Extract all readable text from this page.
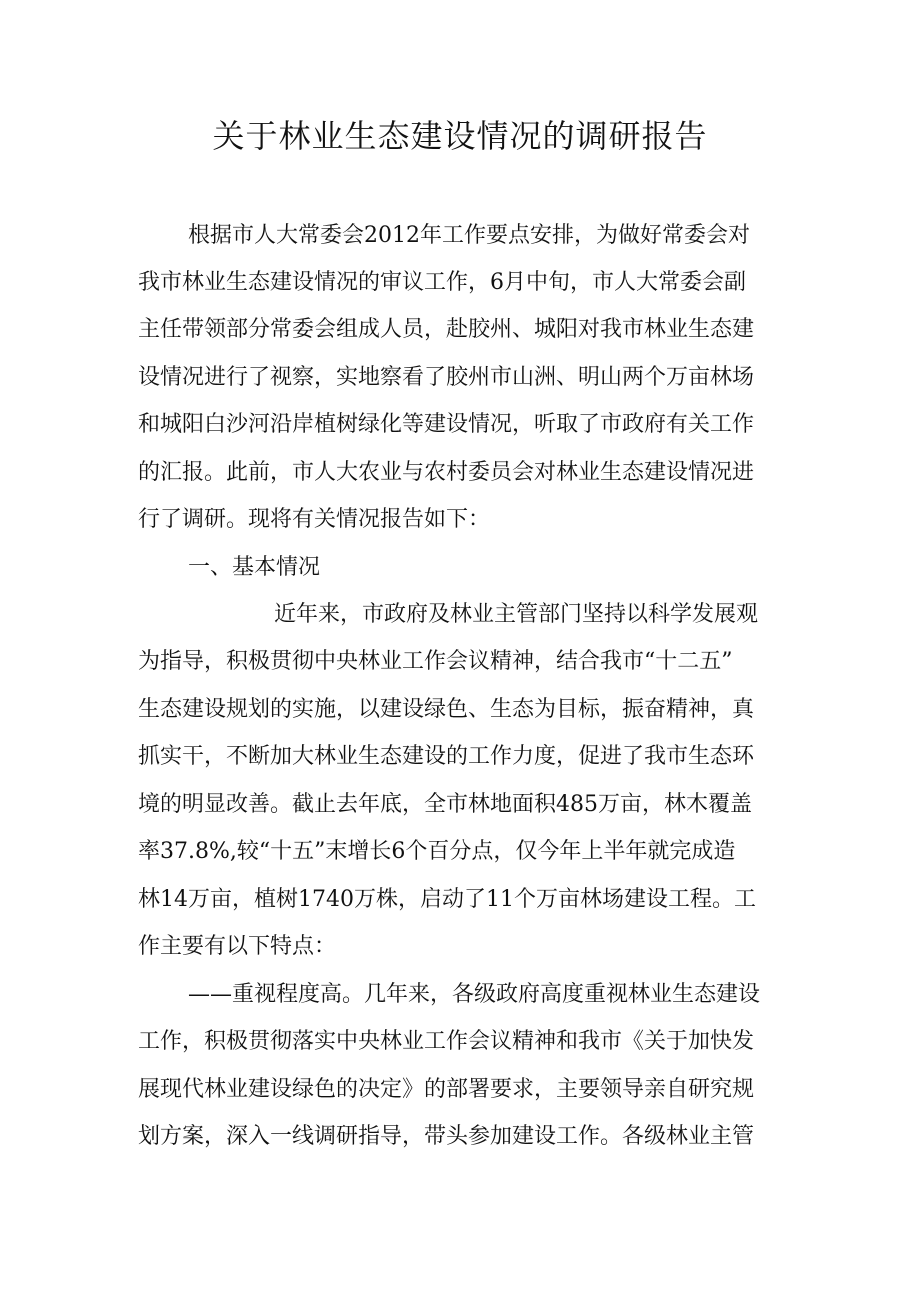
关于林业生态建设情况的调研报告

根据市人大常委会2012年工作要点安排，为做好常委会对

我市林业生态建设情况的审议工作，6月中旬，市人大常委会副

主任带领部分常委会组成人员，赴胶州、城阳对我市林业生态建

设情况进行了视察，实地察看了胶州市山洲、明山两个万亩林场

和城阳白沙河沿岸植树绿化等建设情况，听取了市政府有关工作

的汇报。此前，市人大农业与农村委员会对林业生态建设情况进

行了调研。现将有关情况报告如下：

一、基本情况

近年来，市政府及林业主管部门坚持以科学发展观

为指导，积极贯彻中央林业工作会议精神，结合我市“十二五”

生态建设规划的实施，以建设绿色、生态为目标，振奋精神，真

抓实干，不断加大林业生态建设的工作力度，促进了我市生态环

境的明显改善。截止去年底，全市林地面积485万亩，林木覆盖

率37.8%,较“十五”末增长6个百分点，仅今年上半年就完成造

林14万亩，植树1740万株，启动了11个万亩林场建设工程。工

作主要有以下特点：

——重视程度高。几年来，各级政府高度重视林业生态建设

工作，积极贯彻落实中央林业工作会议精神和我市《关于加快发

展现代林业建设绿色的决定》的部署要求，主要领导亲自研究规

划方案，深入一线调研指导，带头参加建设工作。各级林业主管
